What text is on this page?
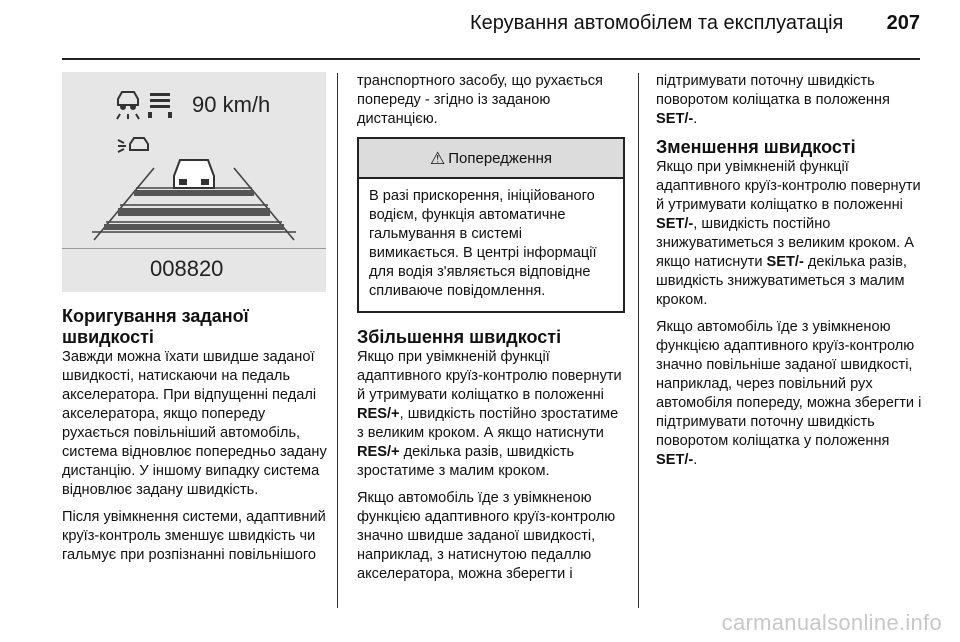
Керування автомобілем та експлуатація 207
90 km/h
008820
Коригування заданої швидкості

Завжди можна їхати швидше заданої швидкості, натискаючи на педаль акселератора. При відпущенні педалі акселератора, якщо попереду рухається повільніший автомобіль, система відновлює попередньо задану дистанцію. У іншому випадку система відновлює задану швидкість.

Після увімкнення системи, адаптивний круїз-контроль зменшує швидкість чи гальмує при розпізнанні повільнішого

транспортного засобу, що рухається попереду - згідно із заданою дистанцією.

⚠ Попередження
В разі прискорення, ініційованого водієм, функція автоматичне гальмування в системі вимикається. В центрі інформації для водія з'являється відповідне спливаюче повідомлення.
Збільшення швидкості

Якщо при увімкненій функції адаптивного круїз-контролю повернути й утримувати коліщатко в положенні RES/+, швидкість постійно зростатиме з великим кроком. А якщо натиснути RES/+ декілька разів, швидкість зростатиме з малим кроком.

Якщо автомобіль їде з увімкненою функцією адаптивного круїз-контролю значно швидше заданої швидкості, наприклад, з натиснутою педаллю акселератора, можна зберегти і

підтримувати поточну швидкість поворотом коліщатка в положення SET/-.

Зменшення швидкості

Якщо при увімкненій функції адаптивного круїз-контролю повернути й утримувати коліщатко в положенні SET/-, швидкість постійно знижуватиметься з великим кроком. А якщо натиснути SET/- декілька разів, швидкість знижуватиметься з малим кроком.

Якщо автомобіль їде з увімкненою функцією адаптивного круїз-контролю значно повільніше заданої швидкості, наприклад, через повільний рух автомобіля попереду, можна зберегти і підтримувати поточну швидкість поворотом коліщатка у положення SET/-.

carmanualsonline.info
